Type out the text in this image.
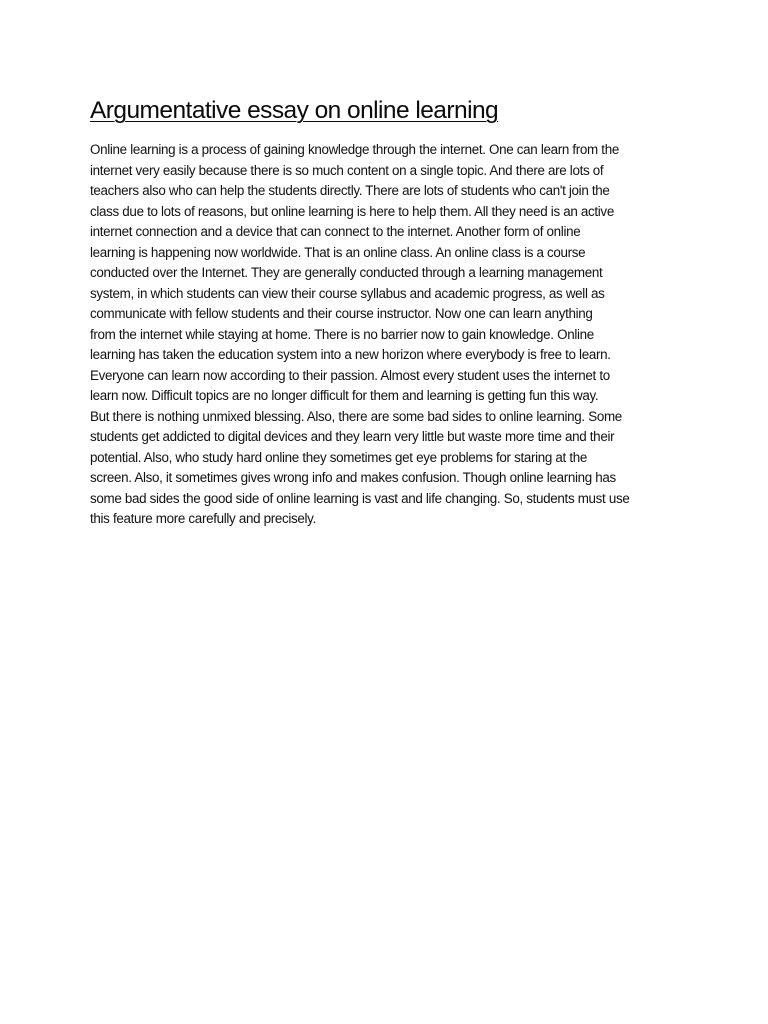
Argumentative essay on online learning
Online learning is a process of gaining knowledge through the internet. One can learn from the
internet very easily because there is so much content on a single topic. And there are lots of
teachers also who can help the students directly. There are lots of students who can't join the
class due to lots of reasons, but online learning is here to help them. All they need is an active
internet connection and a device that can connect to the internet. Another form of online
learning is happening now worldwide. That is an online class. An online class is a course
conducted over the Internet. They are generally conducted through a learning management
system, in which students can view their course syllabus and academic progress, as well as
communicate with fellow students and their course instructor. Now one can learn anything
from the internet while staying at home. There is no barrier now to gain knowledge. Online
learning has taken the education system into a new horizon where everybody is free to learn.
Everyone can learn now according to their passion. Almost every student uses the internet to
learn now. Difficult topics are no longer difficult for them and learning is getting fun this way.
But there is nothing unmixed blessing. Also, there are some bad sides to online learning. Some
students get addicted to digital devices and they learn very little but waste more time and their
potential. Also, who study hard online they sometimes get eye problems for staring at the
screen. Also, it sometimes gives wrong info and makes confusion. Though online learning has
some bad sides the good side of online learning is vast and life changing. So, students must use
this feature more carefully and precisely.
